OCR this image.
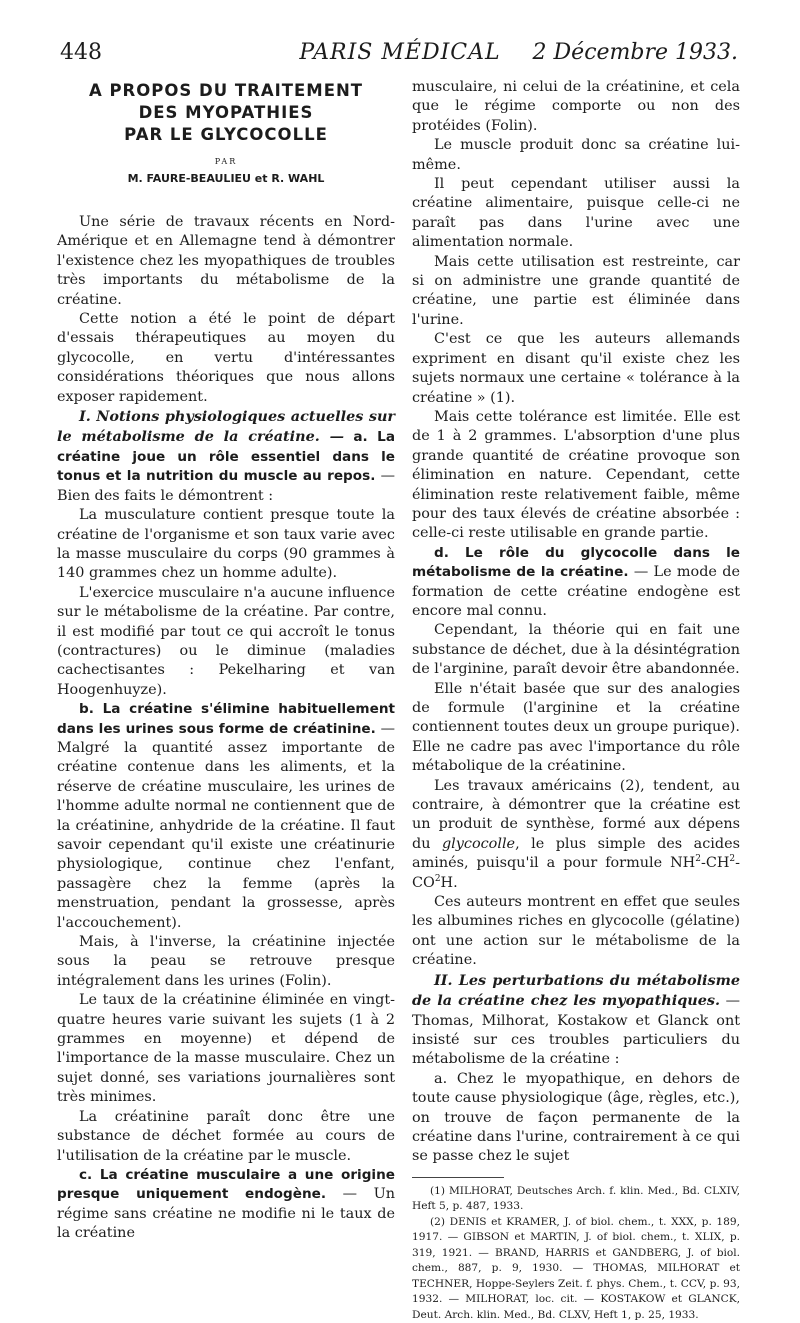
448	PARIS MÉDICAL	2 Décembre 1933.
A PROPOS DU TRAITEMENT
DES MYOPATHIES
PAR LE GLYCOCOLLE
PAR
M. FAURE-BEAULIEU et R. WAHL

Une série de travaux récents en Nord-Amérique et en Allemagne tend à démontrer l'existence chez les myopathiques de troubles très importants du métabolisme de la créatine.

Cette notion a été le point de départ d'essais thérapeutiques au moyen du glycocolle, en vertu d'intéressantes considérations théoriques que nous allons exposer rapidement.

I. Notions physiologiques actuelles sur le métabolisme de la créatine. — a. La créatine joue un rôle essentiel dans le tonus et la nutrition du muscle au repos. — Bien des faits le démontrent :

La musculature contient presque toute la créatine de l'organisme et son taux varie avec la masse musculaire du corps (90 grammes à 140 grammes chez un homme adulte).

L'exercice musculaire n'a aucune influence sur le métabolisme de la créatine. Par contre, il est modifié par tout ce qui accroît le tonus (contractures) ou le diminue (maladies cachectisantes : Pekelharing et van Hoogenhuyze).

b. La créatine s'élimine habituellement dans les urines sous forme de créatinine. — Malgré la quantité assez importante de créatine contenue dans les aliments, et la réserve de créatine musculaire, les urines de l'homme adulte normal ne contiennent que de la créatinine, anhydride de la créatine. Il faut savoir cependant qu'il existe une créatinurie physiologique, continue chez l'enfant, passagère chez la femme (après la menstruation, pendant la grossesse, après l'accouchement).

Mais, à l'inverse, la créatinine injectée sous la peau se retrouve presque intégralement dans les urines (Folin).

Le taux de la créatinine éliminée en vingt-quatre heures varie suivant les sujets (1 à 2 grammes en moyenne) et dépend de l'importance de la masse musculaire. Chez un sujet donné, ses variations journalières sont très minimes.

La créatinine paraît donc être une substance de déchet formée au cours de l'utilisation de la créatine par le muscle.

c. La créatine musculaire a une origine presque uniquement endogène. — Un régime sans créatine ne modifie ni le taux de la créatine

musculaire, ni celui de la créatinine, et cela que le régime comporte ou non des protéides (Folin).

Le muscle produit donc sa créatine lui-même.

Il peut cependant utiliser aussi la créatine alimentaire, puisque celle-ci ne paraît pas dans l'urine avec une alimentation normale.

Mais cette utilisation est restreinte, car si on administre une grande quantité de créatine, une partie est éliminée dans l'urine.

C'est ce que les auteurs allemands expriment en disant qu'il existe chez les sujets normaux une certaine « tolérance à la créatine » (1).

Mais cette tolérance est limitée. Elle est de 1 à 2 grammes. L'absorption d'une plus grande quantité de créatine provoque son élimination en nature. Cependant, cette élimination reste relativement faible, même pour des taux élevés de créatine absorbée : celle-ci reste utilisable en grande partie.

d. Le rôle du glycocolle dans le métabolisme de la créatine. — Le mode de formation de cette créatine endogène est encore mal connu.

Cependant, la théorie qui en fait une substance de déchet, due à la désintégration de l'arginine, paraît devoir être abandonnée.

Elle n'était basée que sur des analogies de formule (l'arginine et la créatine contiennent toutes deux un groupe purique). Elle ne cadre pas avec l'importance du rôle métabolique de la créatinine.

Les travaux américains (2), tendent, au contraire, à démontrer que la créatine est un produit de synthèse, formé aux dépens du glycocolle, le plus simple des acides aminés, puisqu'il a pour formule $NH^2-CH^2-CO^2H$.

Ces auteurs montrent en effet que seules les albumines riches en glycocolle (gélatine) ont une action sur le métabolisme de la créatine.

II. Les perturbations du métabolisme de la créatine chez les myopathiques. — Thomas, Milhorat, Kostakow et Glanck ont insisté sur ces troubles particuliers du métabolisme de la créatine :

a. Chez le myopathique, en dehors de toute cause physiologique (âge, règles, etc.), on trouve de façon permanente de la créatine dans l'urine, contrairement à ce qui se passe chez le sujet

(1) MILHORAT, Deutsches Arch. f. klin. Med., Bd. CLXIV, Heft 5, p. 487, 1933.
(2) DENIS et KRAMER, J. of biol. chem., t. XXX, p. 189, 1917. — GIBSON et MARTIN, J. of biol. chem., t. XLIX, p. 319, 1921. — BRAND, HARRIS et GANDBERG, J. of biol. chem., 887, p. 9, 1930. — THOMAS, MILHORAT et TECHNER, Hoppe-Seylers Zeit. f. phys. Chem., t. CCV, p. 93, 1932. — MILHORAT, loc. cit. — KOSTAKOW et GLANCK, Deut. Arch. klin. Med., Bd. CLXV, Heft 1, p. 25, 1933.
